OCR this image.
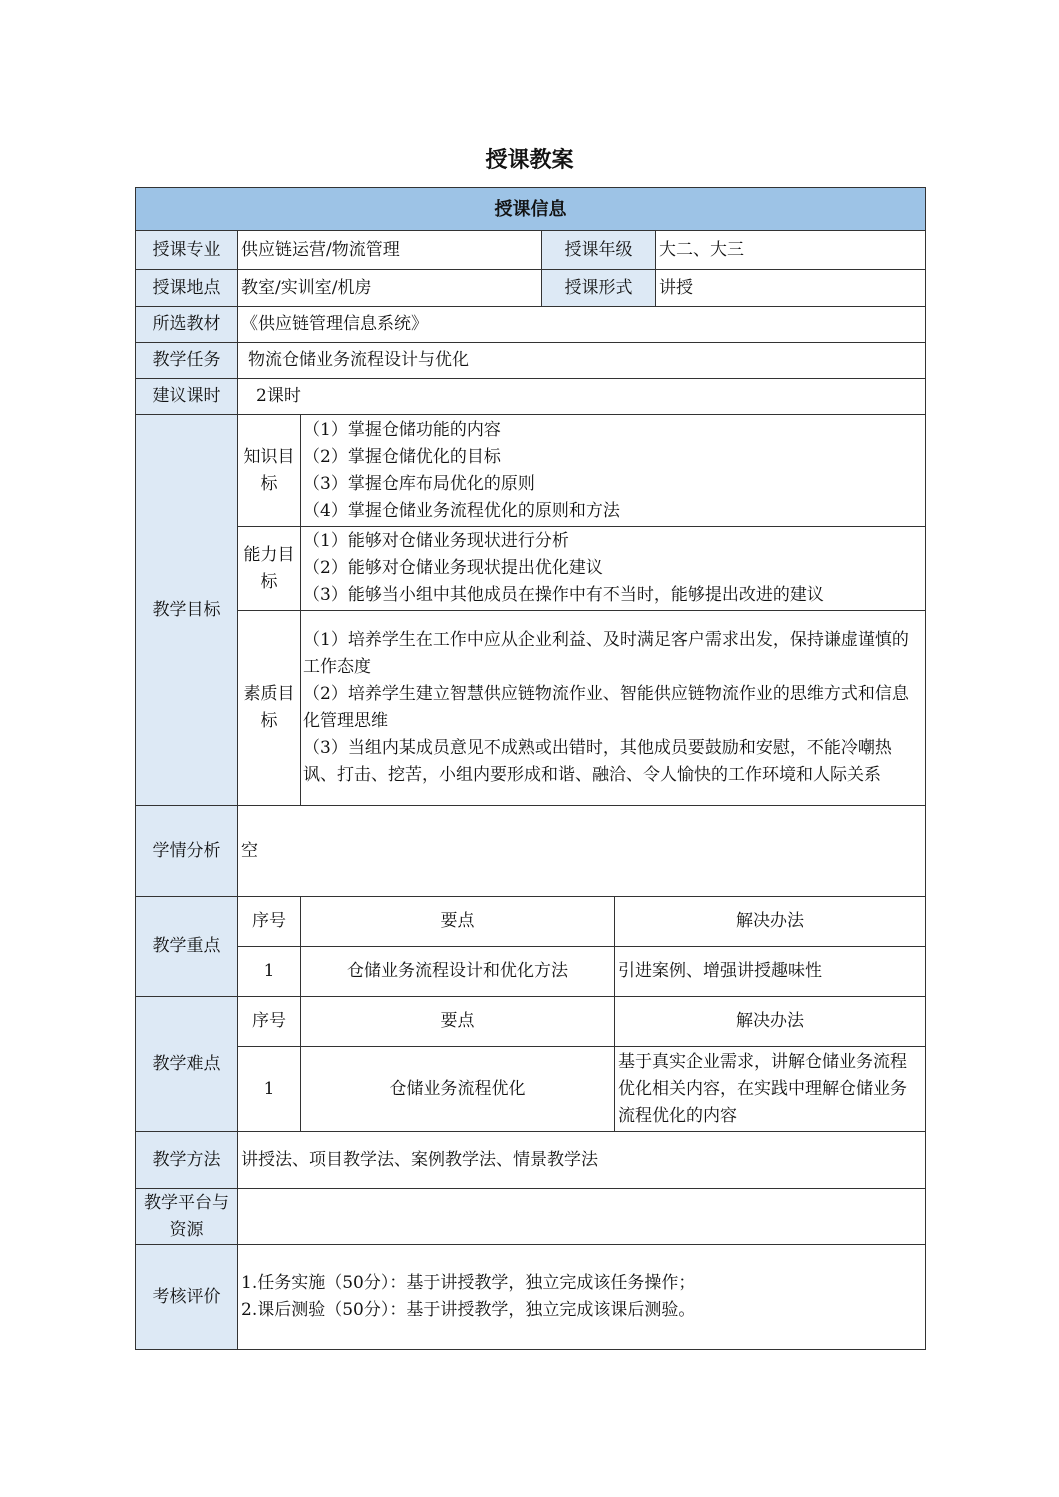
授课教案
授课信息					
授课专业	供应链运营/物流管理		授课年级		大二、大三
授课地点	教室/实训室/机房		授课形式		讲授
所选教材	《供应链管理信息系统》				
教学任务	物流仓储业务流程设计与优化				
建议课时	2课时				
教学目标	知识目标	（1）掌握仓储功能的内容
（2）掌握仓储优化的目标
（3）掌握仓库布局优化的原则
（4）掌握仓储业务流程优化的原则和方法			

	能力目标	（1）能够对仓储业务现状进行分析
（2）能够对仓储业务现状提出优化建议
（3）能够当小组中其他成员在操作中有不当时，能够提出改进的建议			

	素质目标	（1）培养学生在工作中应从企业利益、及时满足客户需求出发，保持谦虚谨慎的工作态度
（2）培养学生建立智慧供应链物流作业、智能供应链物流作业的思维方式和信息化管理思维
（3）当组内某成员意见不成熟或出错时，其他成员要鼓励和安慰，不能冷嘲热讽、打击、挖苦，小组内要形成和谐、融洽、令人愉快的工作环境和人际关系			

学情分析	空				
教学重点	序号	要点		解决办法	
	1	仓储业务流程设计和优化方法		引进案例、增强讲授趣味性	
教学难点	序号	要点		解决办法	
	1	仓储业务流程优化		基于真实企业需求，讲解仓储业务流程优化相关内容，在实践中理解仓储业务流程优化的内容	
教学方法	讲授法、项目教学法、案例教学法、情景教学法				
教学平台与资源					
考核评价	1.任务实施（50分）：基于讲授教学，独立完成该任务操作；
2.课后测验（50分）：基于讲授教学，独立完成该课后测验。				
